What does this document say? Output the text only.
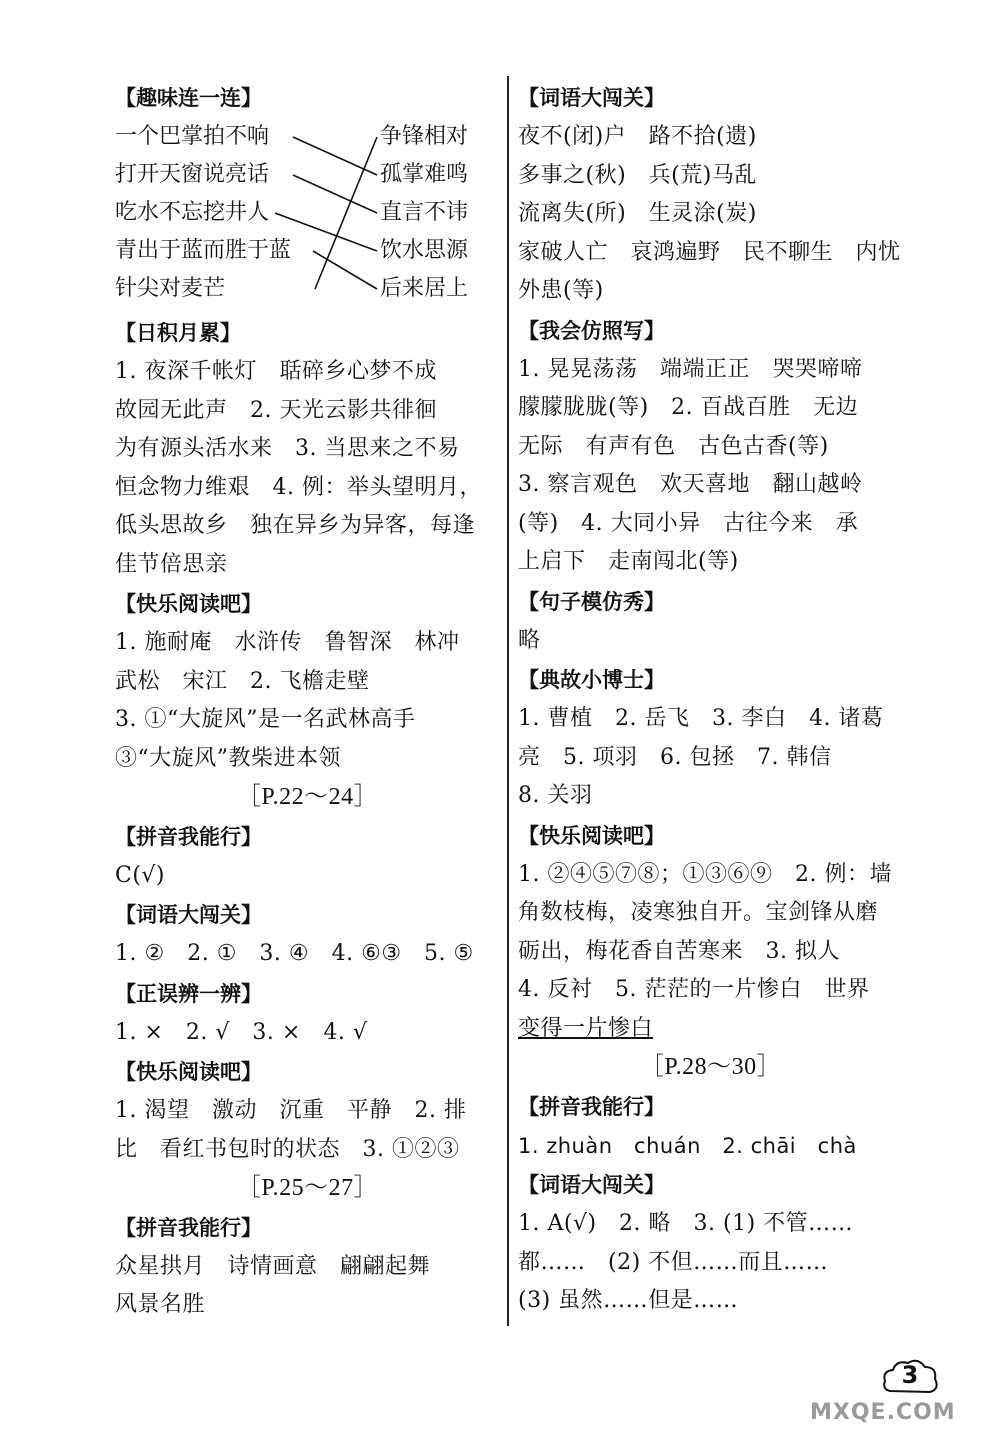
【趣味连一连】
一个巴掌拍不响
打开天窗说亮话
吃水不忘挖井人
青出于蓝而胜于蓝
针尖对麦芒
争锋相对
孤掌难鸣
直言不讳
饮水思源
后来居上
【日积月累】
1. 夜深千帐灯　聒碎乡心梦不成
故园无此声　2. 天光云影共徘徊
为有源头活水来　3. 当思来之不易
恒念物力维艰　4. 例：举头望明月，
低头思故乡　独在异乡为异客，每逢
佳节倍思亲
【快乐阅读吧】
1. 施耐庵　水浒传　鲁智深　林冲
武松　宋江　2. 飞檐走壁
3. ①“大旋风”是一名武林高手
③“大旋风”教柴进本领
［P.22～24］
【拼音我能行】
C(√)
【词语大闯关】
1. ②　2. ①　3. ④　4. ⑥③　5. ⑤
【正误辨一辨】
1. ×　2. √　3. ×　4. √
【快乐阅读吧】
1. 渴望　激动　沉重　平静　2. 排
比　看红书包时的状态　3. ①②③
［P.25～27］
【拼音我能行】
众星拱月　诗情画意　翩翩起舞
风景名胜
【词语大闯关】
夜不(闭)户　路不拾(遗)
多事之(秋)　兵(荒)马乱
流离失(所)　生灵涂(炭)
家破人亡　哀鸿遍野　民不聊生　内忧
外患(等)
【我会仿照写】
1. 晃晃荡荡　端端正正　哭哭啼啼
朦朦胧胧(等)　2. 百战百胜　无边
无际　有声有色　古色古香(等)
3. 察言观色　欢天喜地　翻山越岭
(等)　4. 大同小异　古往今来　承
上启下　走南闯北(等)
【句子模仿秀】
略
【典故小博士】
1. 曹植　2. 岳飞　3. 李白　4. 诸葛
亮　5. 项羽　6. 包拯　7. 韩信
8. 关羽
【快乐阅读吧】
1. ②④⑤⑦⑧；①③⑥⑨　2. 例：墙
角数枝梅，凌寒独自开。宝剑锋从磨
砺出，梅花香自苦寒来　3. 拟人
4. 反衬　5. 茫茫的一片惨白　世界
变得一片惨白
［P.28～30］
【拼音我能行】
1. zhuàn　chuán　2. chāi　chà
【词语大闯关】
1. A(√)　2. 略　3. (1) 不管……
都……　(2) 不但……而且……
(3) 虽然……但是……
3
MXQE.COM
